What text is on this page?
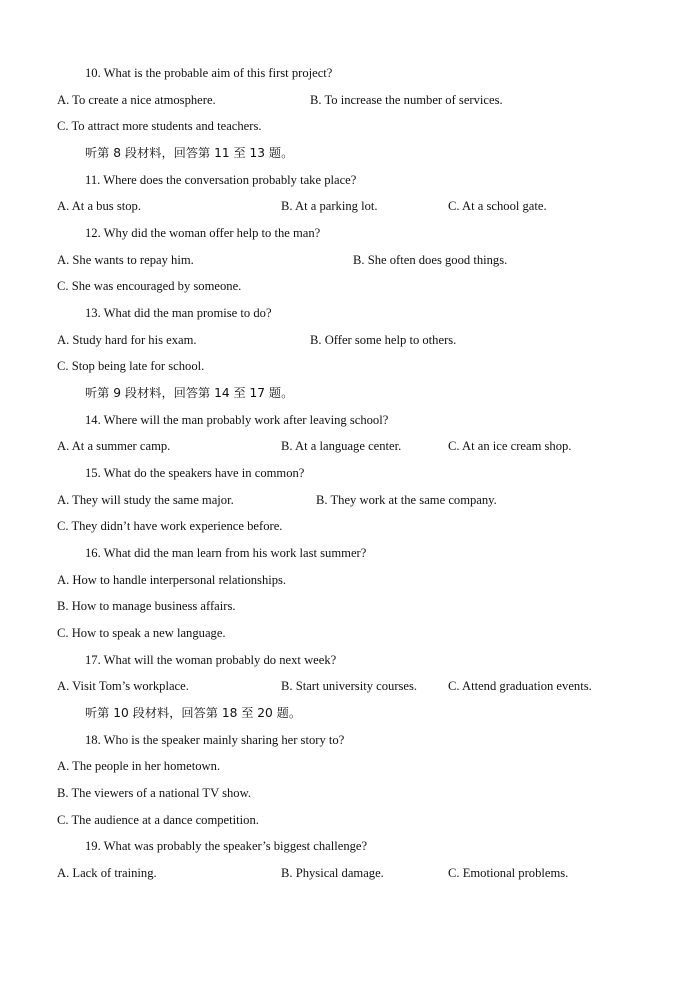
10. What is the probable aim of this first project?
A. To create a nice atmosphere.	B. To increase the number of services.
C. To attract more students and teachers.
听第 8 段材料，回答第 11 至 13 题。
11. Where does the conversation probably take place?
A. At a bus stop.	B. At a parking lot.	C. At a school gate.
12. Why did the woman offer help to the man?
A. She wants to repay him.	B. She often does good things.
C. She was encouraged by someone.
13. What did the man promise to do?
A. Study hard for his exam.	B. Offer some help to others.
C. Stop being late for school.
听第 9 段材料，回答第 14 至 17 题。
14. Where will the man probably work after leaving school?
A. At a summer camp.	B. At a language center.	C. At an ice cream shop.
15. What do the speakers have in common?
A. They will study the same major.	B. They work at the same company.
C. They didn’t have work experience before.
16. What did the man learn from his work last summer?
A. How to handle interpersonal relationships.
B. How to manage business affairs.
C. How to speak a new language.
17. What will the woman probably do next week?
A. Visit Tom’s workplace.	B. Start university courses. C. Attend graduation events.
听第 10 段材料，回答第 18 至 20 题。
18. Who is the speaker mainly sharing her story to?
A. The people in her hometown.
B. The viewers of a national TV show.
C. The audience at a dance competition.
19. What was probably the speaker’s biggest challenge?
A. Lack of training.	B. Physical damage.	C. Emotional problems.
